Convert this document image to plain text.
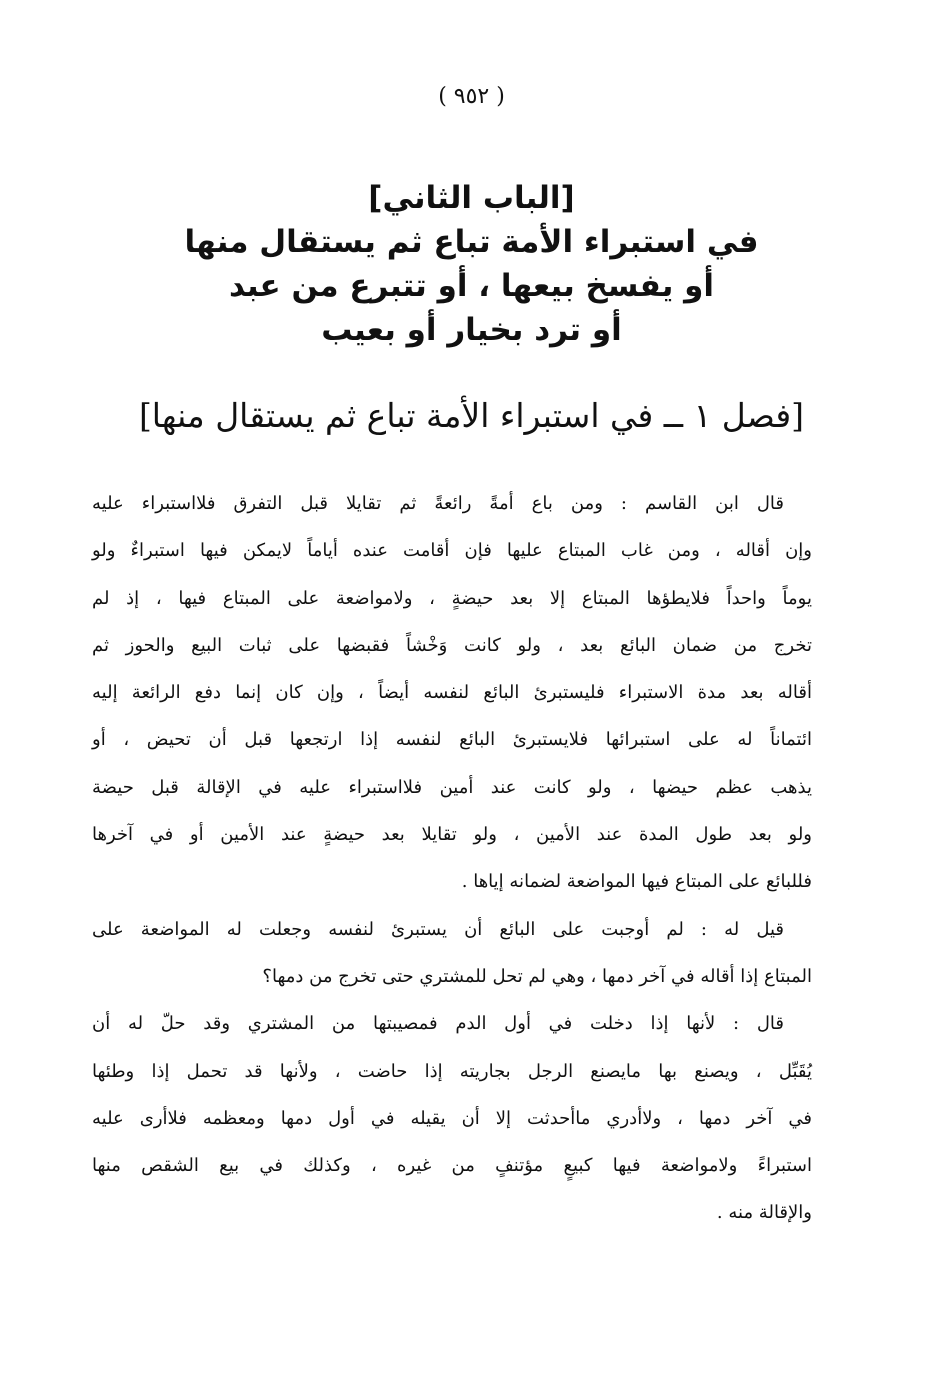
( ٩٥٢ )
[الباب الثاني]
في استبراء الأمة تباع ثم يستقال منها
أو يفسخ بيعها ، أو تتبرع من عبد
أو ترد بخيار أو بعيب
[فصل ١ ــ في استبراء الأمة تباع ثم يستقال منها]
قال ابن القاسم : ومن باع أمةً رائعةً ثم تقايلا قبل التفرق فلااستبراء عليه
وإن أقاله ، ومن غاب المبتاع عليها فإن أقامت عنده أياماً لايمكن فيها استبراءٌ ولو
يوماً واحداً فلايطؤها المبتاع إلا بعد حيضةٍ ، ولامواضعة على المبتاع فيها ، إذ لم
تخرج من ضمان البائع بعد ، ولو كانت وَخْشاً فقبضها على ثبات البيع والحوز ثم
أقاله بعد مدة الاستبراء فليستبرئ البائع لنفسه أيضاً ، وإن كان إنما دفع الرائعة إليه
ائتماناً له على استبرائها فلايستبرئ البائع لنفسه إذا ارتجعها قبل أن تحيض ، أو
يذهب عظم حيضها ، ولو كانت عند أمين فلااستبراء عليه في الإقالة قبل حيضة
ولو بعد طول المدة عند الأمين ، ولو تقايلا بعد حيضةٍ عند الأمين أو في آخرها
فللبائع على المبتاع فيها المواضعة لضمانه إياها .
قيل له : لم أوجبت على البائع أن يستبرئ لنفسه وجعلت له المواضعة على
المبتاع إذا أقاله في آخر دمها ، وهي لم تحل للمشتري حتى تخرج من دمها؟
قال : لأنها إذا دخلت في أول الدم فمصيبتها من المشتري وقد حلّ له أن
يُقَبِّل ، ويصنع بها مايصنع الرجل بجاريته إذا حاضت ، ولأنها قد تحمل إذا وطئها
في آخر دمها ، ولاأدري ماأحدثت إلا أن يقيله في أول دمها ومعظمه فلاأرى عليه
استبراءً ولامواضعة فيها كبيعٍ مؤتنفٍ من غيره ، وكذلك في بيع الشقص منها
والإقالة منه .
